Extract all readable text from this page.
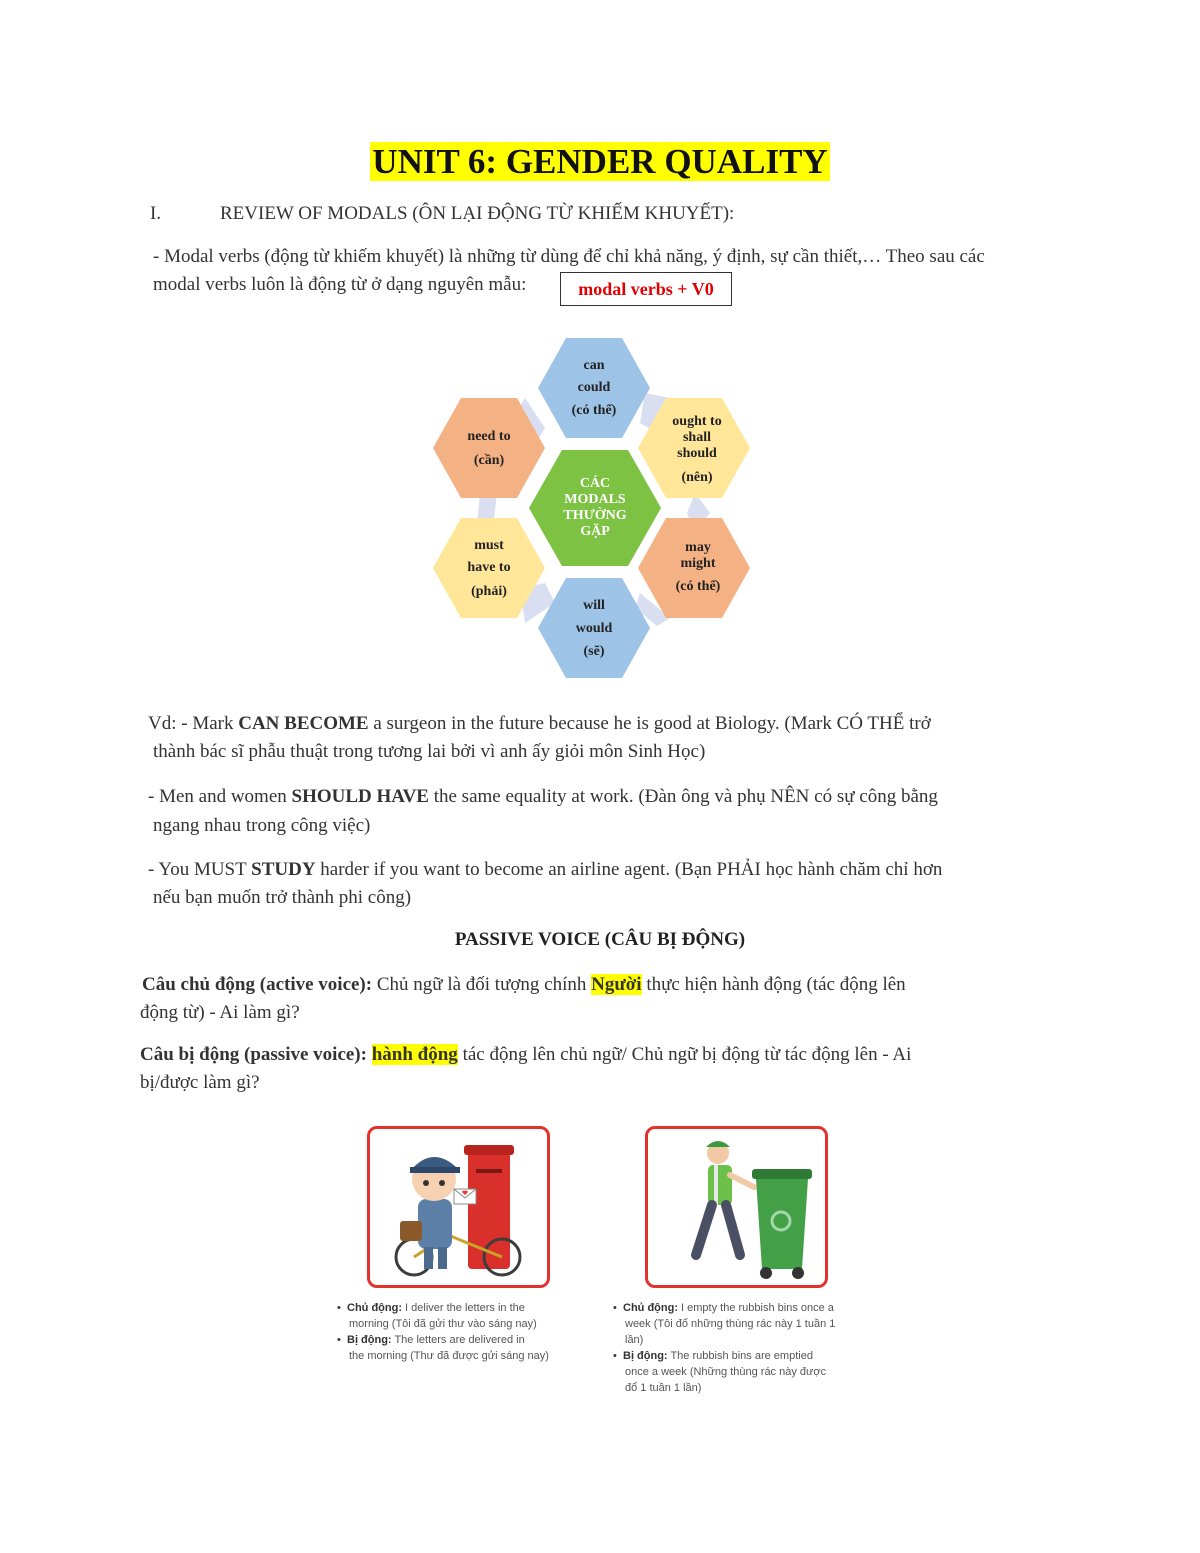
UNIT 6: GENDER QUALITY
I.	REVIEW OF MODALS (ÔN LẠI ĐỘNG TỪ KHIẾM KHUYẾT):
- Modal verbs (động từ khiếm khuyết) là những từ dùng để chỉ khả năng, ý định, sự cần thiết,… Theo sau các
modal verbs luôn là động từ ở dạng nguyên mẫu:	modal verbs + V0
CÁC
MODALS
THƯỜNG
GẶP
can
could
(có thể)
ought to
shall
should
(nên)
may
might
(có thể)
will
would
(sẽ)
must
have to
(phải)
need to
(cần)
Vd: - Mark CAN BECOME a surgeon in the future because he is good at Biology. (Mark CÓ THỂ trở
thành bác sĩ phẫu thuật trong tương lai bởi vì anh ấy giỏi môn Sinh Học)
- Men and women SHOULD HAVE the same equality at work. (Đàn ông và phụ NÊN có sự công bằng
ngang nhau trong công việc)
- You MUST STUDY harder if you want to become an airline agent. (Bạn PHẢI học hành chăm chỉ hơn
nếu bạn muốn trở thành phi công)
PASSIVE VOICE (CÂU BỊ ĐỘNG)
Câu chủ động (active voice): Chủ ngữ là đối tượng chính Người thực hiện hành động (tác động lên
động từ) - Ai làm gì?
Câu bị động (passive voice): hành động tác động lên chủ ngữ/ Chủ ngữ bị động từ tác động lên - Ai
bị/được làm gì?
• Chủ động: I deliver the letters in the
morning (Tôi đã gửi thư vào sáng nay)
• Bị động: The letters are delivered in
the morning (Thư đã được gửi sáng nay)
• Chủ động: I empty the rubbish bins once a
week (Tôi đổ những thùng rác này 1 tuần 1
lần)
• Bị động: The rubbish bins are emptied
once a week (Những thùng rác này được
đổ 1 tuần 1 lần)
